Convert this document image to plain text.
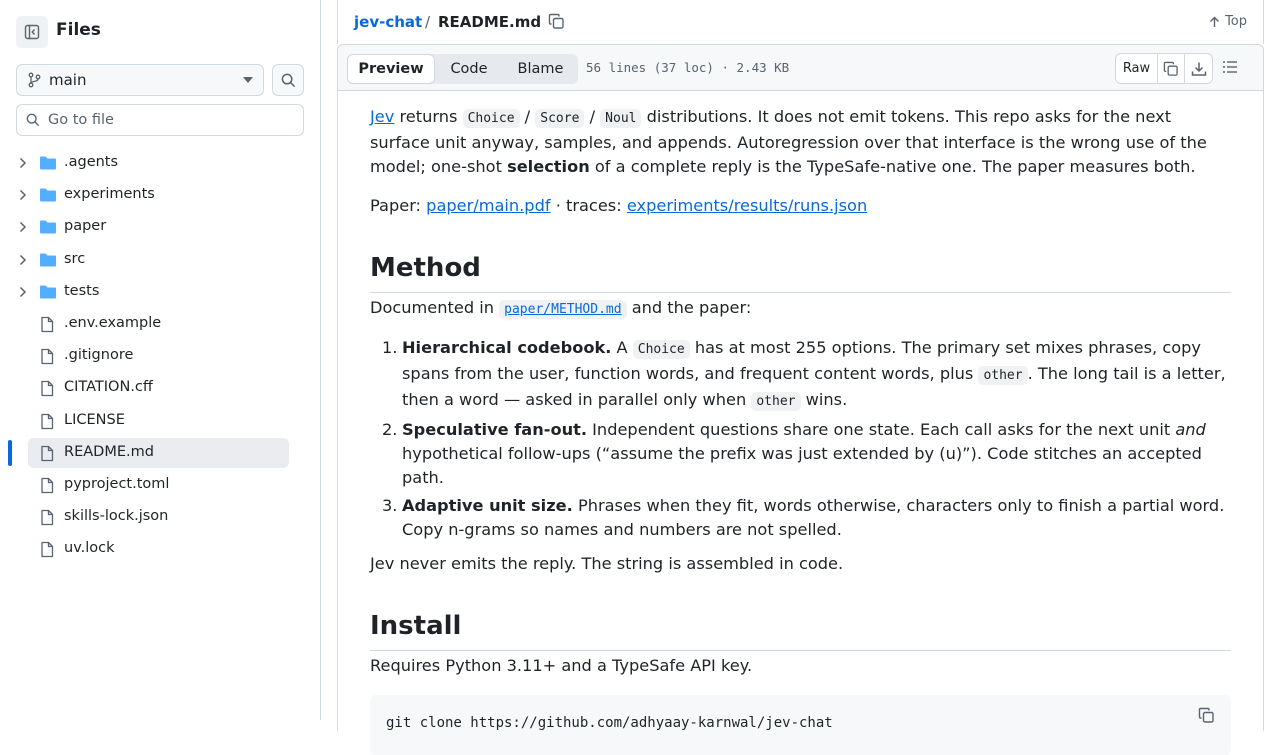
Files
main
Go to file
.agents
experiments
paper
src
tests
.env.example
.gitignore
CITATION.cff
LICENSE
README.md
pyproject.toml
skills-lock.json
uv.lock
jev-chat / README.md	Top
Preview	Code	Blame	56 lines (37 loc) · 2.43 KB	Raw

Jev returns Choice / Score / Noul distributions. It does not emit tokens. This repo asks for the next surface unit anyway, samples, and appends. Autoregression over that interface is the wrong use of the model; one-shot selection of a complete reply is the TypeSafe-native one. The paper measures both.

Paper: paper/main.pdf · traces: experiments/results/runs.json

Method

Documented in paper/METHOD.md and the paper:

1. Hierarchical codebook. A Choice has at most 255 options. The primary set mixes phrases, copy spans from the user, function words, and frequent content words, plus other . The long tail is a letter, then a word — asked in parallel only when other wins.
2. Speculative fan-out. Independent questions share one state. Each call asks for the next unit and hypothetical follow-ups (“assume the prefix was just extended by (u)”). Code stitches an accepted path.
3. Adaptive unit size. Phrases when they fit, words otherwise, characters only to finish a partial word. Copy n-grams so names and numbers are not spelled.

Jev never emits the reply. The string is assembled in code.

Install

Requires Python 3.11+ and a TypeSafe API key.

git clone https://github.com/adhyaay-karnwal/jev-chat
